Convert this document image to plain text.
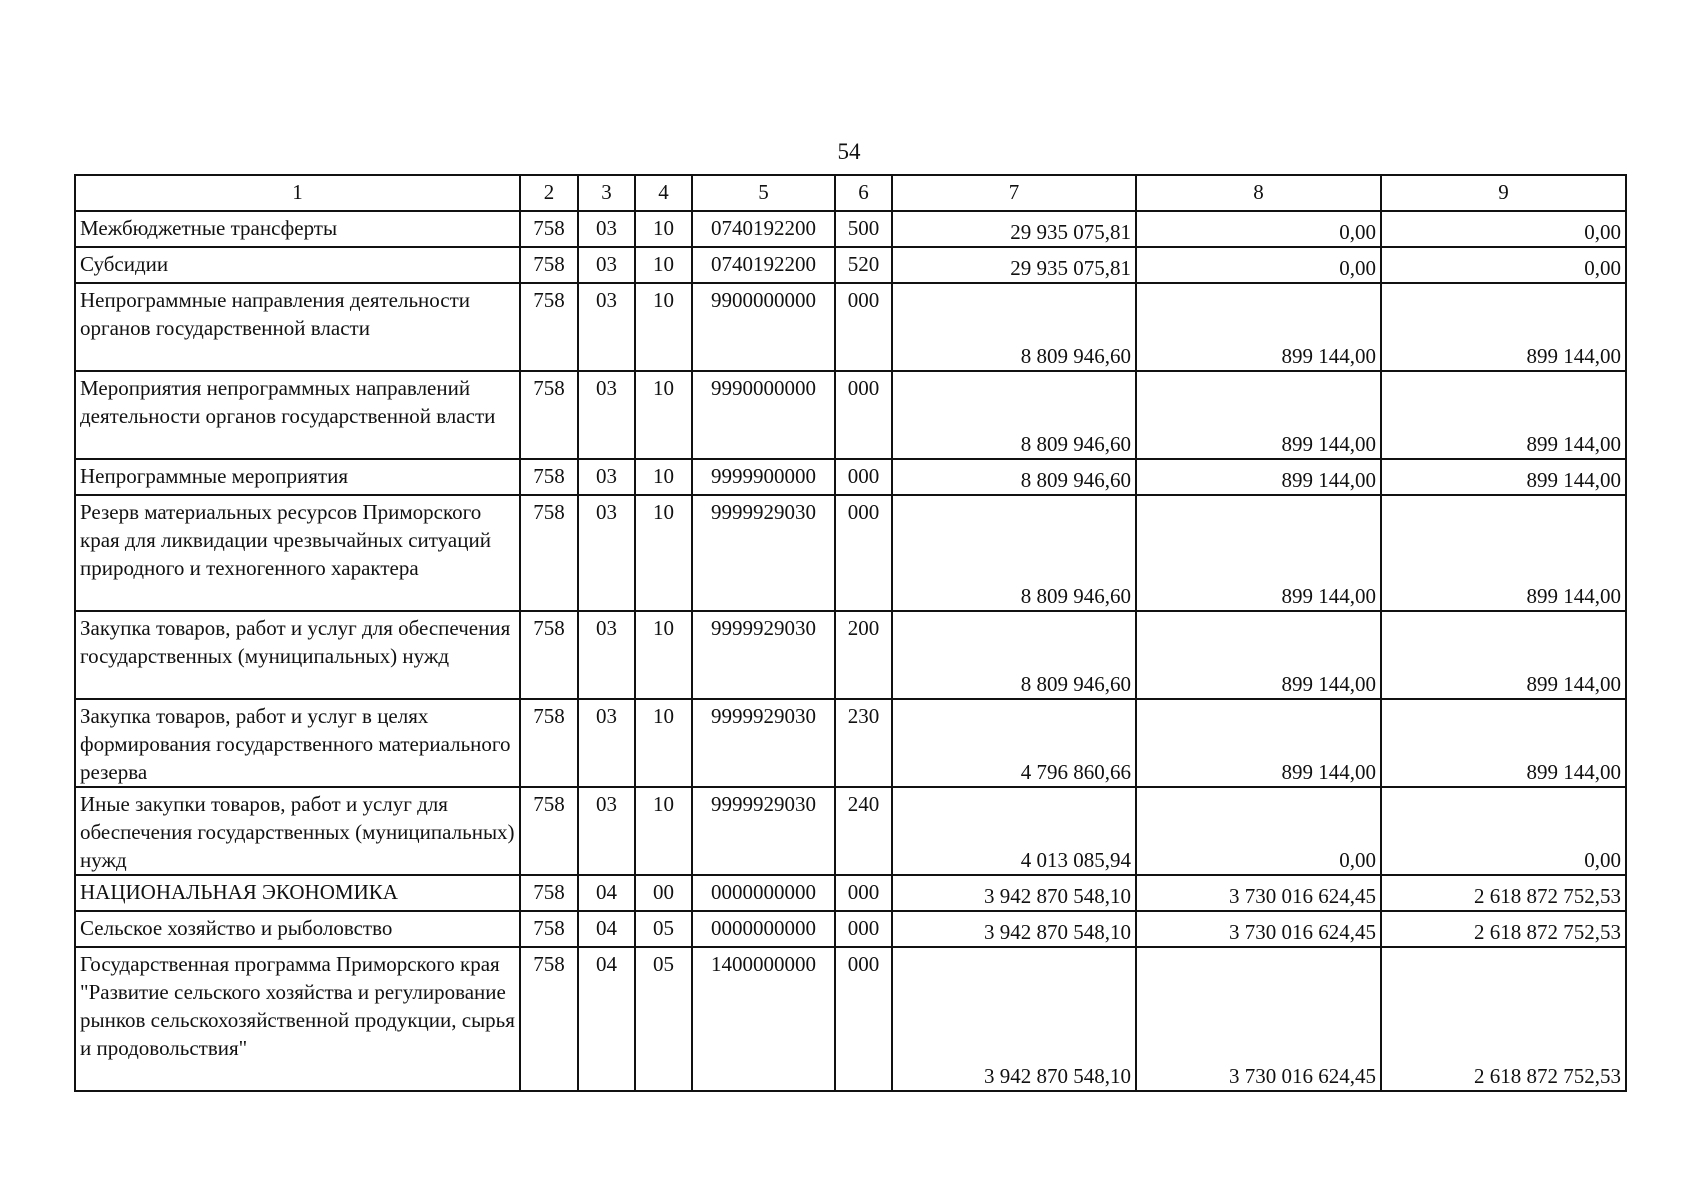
54
1	2	3	4	5	6	7	8	9
Межбюджетные трансферты	758	03	10	0740192200	500	29 935 075,81	0,00	0,00
Субсидии	758	03	10	0740192200	520	29 935 075,81	0,00	0,00
Непрограммные направления деятельности органов государственной власти	758	03	10	9900000000	000	8 809 946,60	899 144,00	899 144,00
Мероприятия непрограммных направлений деятельности органов государственной власти	758	03	10	9990000000	000	8 809 946,60	899 144,00	899 144,00
Непрограммные мероприятия	758	03	10	9999900000	000	8 809 946,60	899 144,00	899 144,00
Резерв материальных ресурсов Приморского края для ликвидации чрезвычайных ситуаций природного и техногенного характера	758	03	10	9999929030	000	8 809 946,60	899 144,00	899 144,00
Закупка товаров, работ и услуг для обеспечения государственных (муниципальных) нужд	758	03	10	9999929030	200	8 809 946,60	899 144,00	899 144,00
Закупка товаров, работ и услуг в целях формирования государственного материального резерва	758	03	10	9999929030	230	4 796 860,66	899 144,00	899 144,00
Иные закупки товаров, работ и услуг для обеспечения государственных (муниципальных) нужд	758	03	10	9999929030	240	4 013 085,94	0,00	0,00
НАЦИОНАЛЬНАЯ ЭКОНОМИКА	758	04	00	0000000000	000	3 942 870 548,10	3 730 016 624,45	2 618 872 752,53
Сельское хозяйство и рыболовство	758	04	05	0000000000	000	3 942 870 548,10	3 730 016 624,45	2 618 872 752,53
Государственная программа Приморского края "Развитие сельского хозяйства и регулирование рынков сельскохозяйственной продукции, сырья и продовольствия"	758	04	05	1400000000	000	3 942 870 548,10	3 730 016 624,45	2 618 872 752,53
